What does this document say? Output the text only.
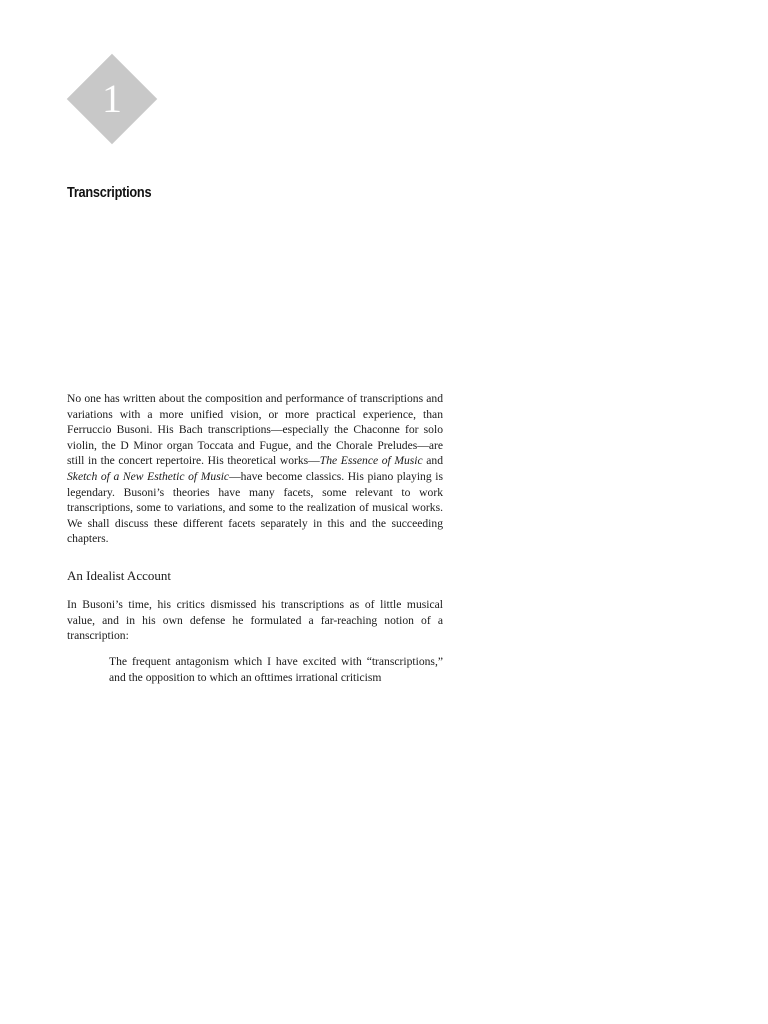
1
Transcriptions

No one has written about the composition and performance of transcriptions and variations with a more unified vision, or more practical experience, than Ferruccio Busoni. His Bach transcriptions—especially the Chaconne for solo violin, the D Minor organ Toccata and Fugue, and the Chorale Preludes—are still in the concert repertoire. His theoretical works—The Essence of Music and Sketch of a New Esthetic of Music—have become classics. His piano playing is legendary. Busoni’s theories have many facets, some relevant to work transcriptions, some to variations, and some to the realization of musical works. We shall discuss these different facets separately in this and the succeeding chapters.

An Idealist Account

In Busoni’s time, his critics dismissed his transcriptions as of little musical value, and in his own defense he formulated a far-reaching notion of a transcription:

The frequent antagonism which I have excited with “transcriptions,” and the opposition to which an ofttimes irrational criticism
